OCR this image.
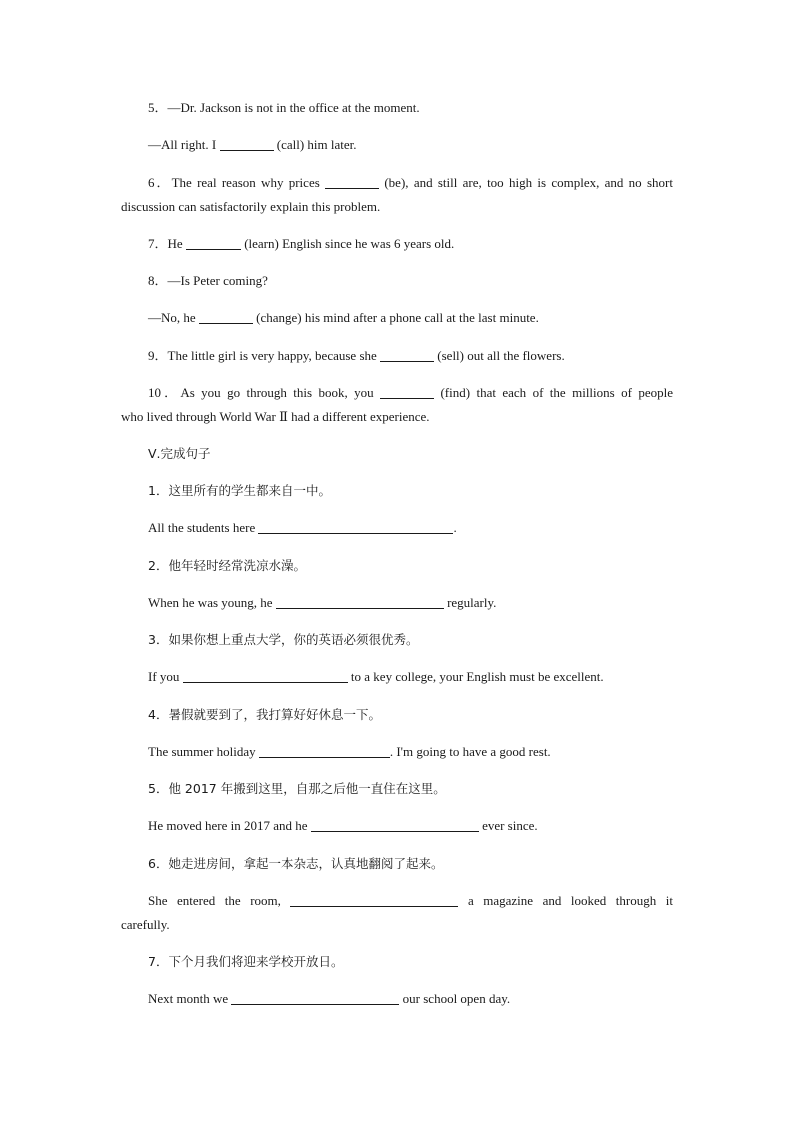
5．—Dr. Jackson is not in the office at the moment.
—All right. I	(call) him later.
6．The real reason why prices	(be), and still are, too high is complex, and no short
discussion can satisfactorily explain this problem.
7．He	(learn) English since he was 6 years old.
8．—Is Peter coming?
—No, he	(change) his mind after a phone call at the last minute.
9．The little girl is very happy, because she	(sell) out all the flowers.
10．As you go through this book, you	(find) that each of the millions of people
who lived through World War Ⅱ had a different experience.
Ⅴ.完成句子
1．这里所有的学生都来自一中。
All the students here	.
2．他年轻时经常洗凉水澡。
When he was young, he	regularly.
3．如果你想上重点大学，你的英语必须很优秀。
If you	to a key college, your English must be excellent.
4．暑假就要到了，我打算好好休息一下。
The summer holiday	. I'm going to have a good rest.
5．他 2017 年搬到这里，自那之后他一直住在这里。
He moved here in 2017 and he	ever since.
6．她走进房间，拿起一本杂志，认真地翻阅了起来。
She entered the room,	a magazine and looked through it
carefully.
7．下个月我们将迎来学校开放日。
Next month we	our school open day.
